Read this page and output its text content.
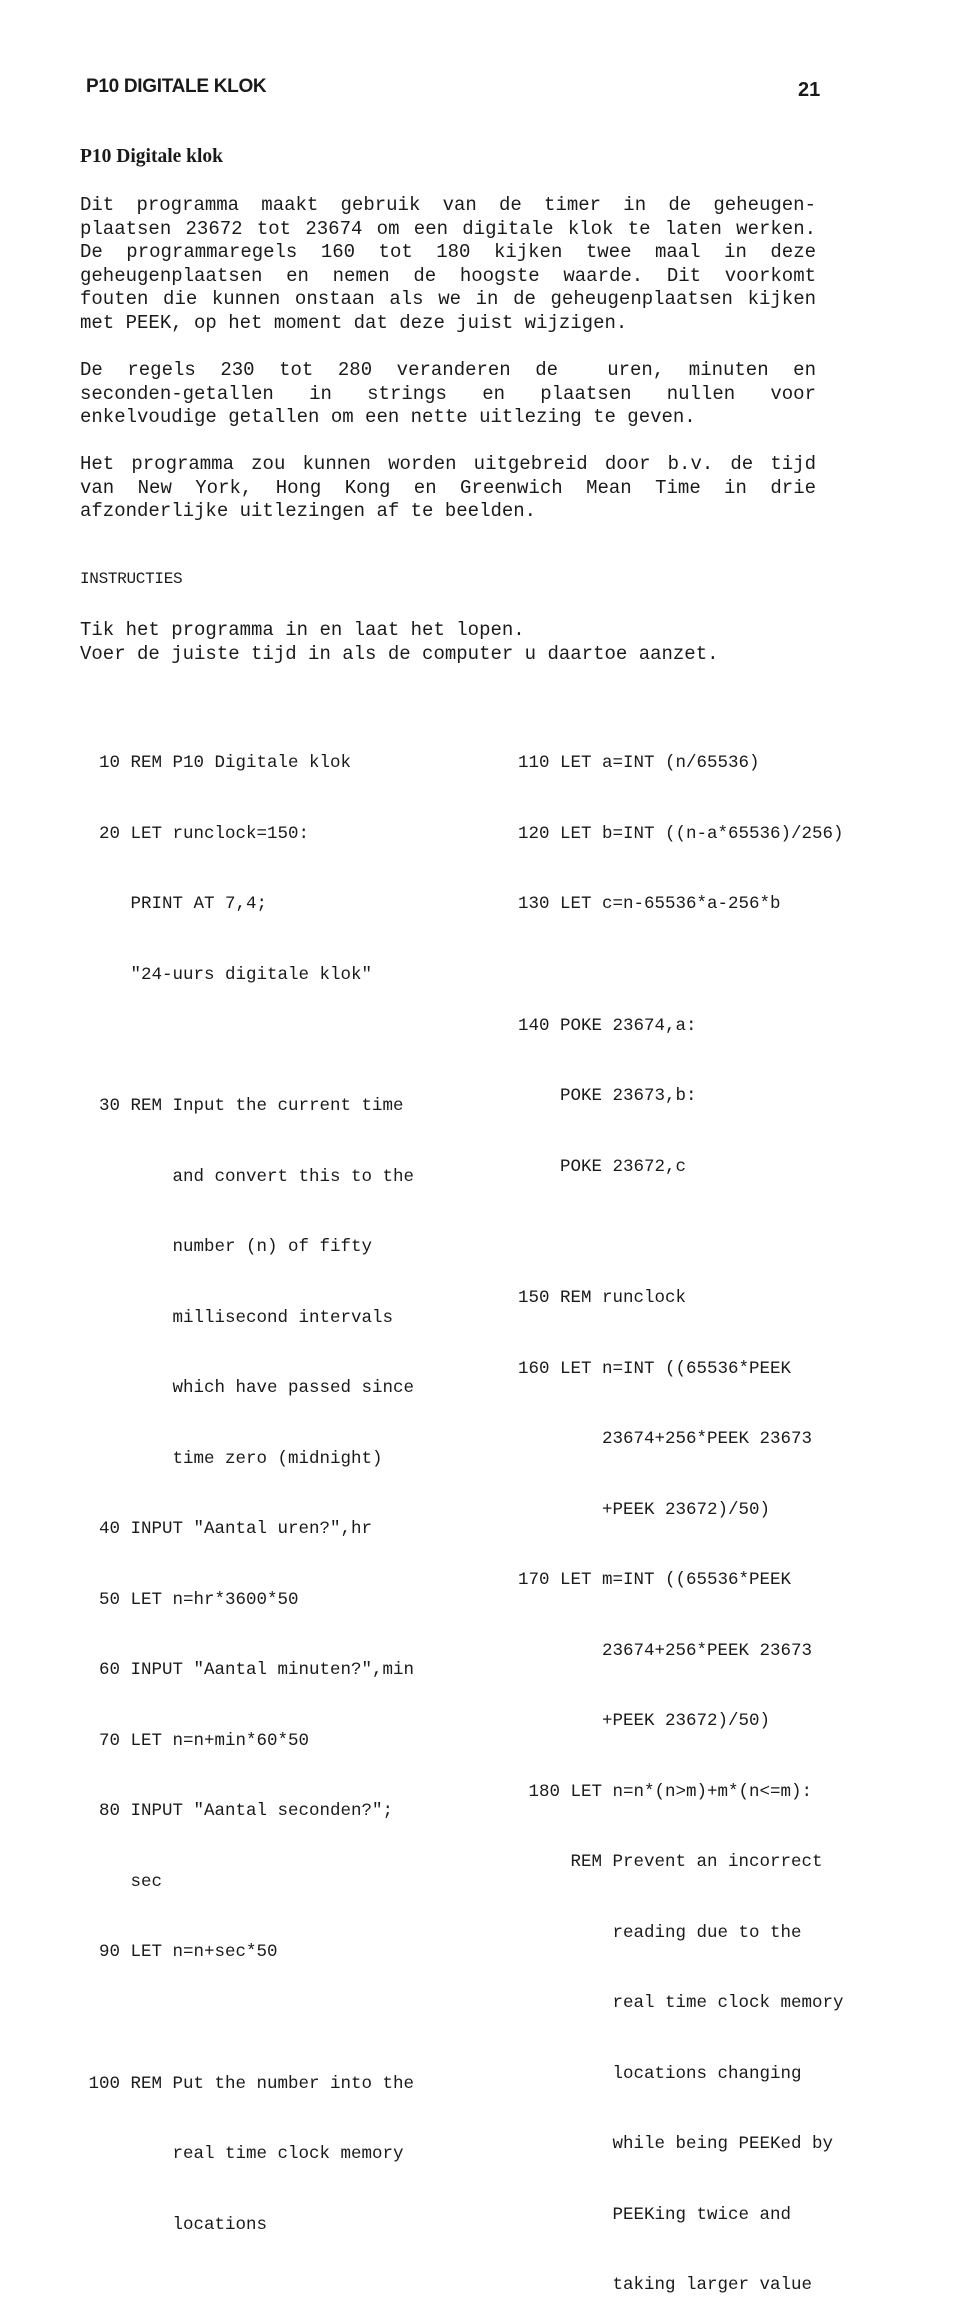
P10 DIGITALE KLOK	21
P10 Digitale klok
Dit programma maakt gebruik van de timer in de geheugen-
plaatsen 23672 tot 23674 om een digitale klok te laten werken.
De programmaregels 160 tot 180 kijken twee maal in deze
geheugenplaatsen en nemen de hoogste waarde. Dit voorkomt
fouten die kunnen onstaan als we in de geheugenplaatsen kijken
met PEEK, op het moment dat deze juist wijzigen.
De regels 230 tot 280 veranderen de  uren, minuten en
seconden-getallen in strings en plaatsen nullen voor
enkelvoudige getallen om een nette uitlezing te geven.
Het programma zou kunnen worden uitgebreid door b.v. de tijd
van New York, Hong Kong en Greenwich Mean Time in drie
afzonderlijke uitlezingen af te beelden.
INSTRUCTIES
Tik het programma in en laat het lopen.
Voer de juiste tijd in als de computer u daartoe aanzet.

10 REM P10 Digitale klok

20 LET runclock=150:

PRINT AT 7,4;

"24-uurs digitale klok"

30 REM Input the current time

and convert this to the

number (n) of fifty

millisecond intervals

which have passed since

time zero (midnight)

40 INPUT "Aantal uren?",hr

50 LET n=hr*3600*50

60 INPUT "Aantal minuten?",min

70 LET n=n+min*60*50

80 INPUT "Aantal seconden?";

sec

90 LET n=n+sec*50

100 REM Put the number into the

real time clock memory

locations

110 LET a=INT (n/65536)

120 LET b=INT ((n-a*65536)/256)

130 LET c=n-65536*a-256*b

140 POKE 23674,a:

POKE 23673,b:

POKE 23672,c

150 REM runclock

160 LET n=INT ((65536*PEEK

23674+256*PEEK 23673

+PEEK 23672)/50)

170 LET m=INT ((65536*PEEK

23674+256*PEEK 23673

+PEEK 23672)/50)

180 LET n=n*(n>m)+m*(n<=m):

REM Prevent an incorrect

reading due to the

real time clock memory

locations changing

while being PEEKed by

PEEKing twice and

taking larger value
